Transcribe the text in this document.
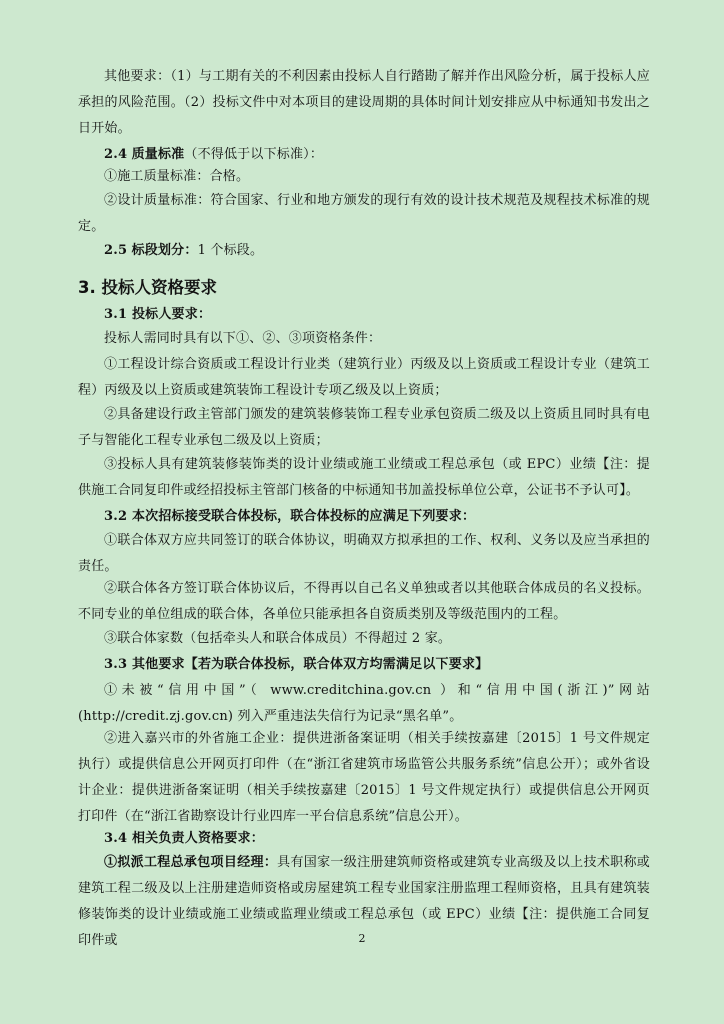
其他要求：（1）与工期有关的不利因素由投标人自行踏勘了解并作出风险分析，属于投标人应承担的风险范围。（2）投标文件中对本项目的建设周期的具体时间计划安排应从中标通知书发出之日开始。

2.4 质量标准（不得低于以下标准）：

①施工质量标准：合格。

②设计质量标准：符合国家、行业和地方颁发的现行有效的设计技术规范及规程技术标准的规定。

2.5 标段划分：1 个标段。

3. 投标人资格要求

3.1 投标人要求：

投标人需同时具有以下①、②、③项资格条件：

①工程设计综合资质或工程设计行业类（建筑行业）丙级及以上资质或工程设计专业（建筑工程）丙级及以上资质或建筑装饰工程设计专项乙级及以上资质；

②具备建设行政主管部门颁发的建筑装修装饰工程专业承包资质二级及以上资质且同时具有电子与智能化工程专业承包二级及以上资质；

③投标人具有建筑装修装饰类的设计业绩或施工业绩或工程总承包（或 EPC）业绩【注：提供施工合同复印件或经招投标主管部门核备的中标通知书加盖投标单位公章，公证书不予认可】。

3.2 本次招标接受联合体投标，联合体投标的应满足下列要求：

①联合体双方应共同签订的联合体协议，明确双方拟承担的工作、权利、义务以及应当承担的责任。

②联合体各方签订联合体协议后，不得再以自己名义单独或者以其他联合体成员的名义投标。不同专业的单位组成的联合体，各单位只能承担各自资质类别及等级范围内的工程。

③联合体家数（包括牵头人和联合体成员）不得超过 2 家。

3.3 其他要求【若为联合体投标，联合体双方均需满足以下要求】

①未被“信用中国”（ www.creditchina.gov.cn ）和“信用中国(浙江)”网站(http://credit.zj.gov.cn) 列入严重违法失信行为记录“黑名单”。

②进入嘉兴市的外省施工企业：提供进浙备案证明（相关手续按嘉建〔2015〕1 号文件规定执行）或提供信息公开网页打印件（在“浙江省建筑市场监管公共服务系统”信息公开）；或外省设计企业：提供进浙备案证明（相关手续按嘉建〔2015〕1 号文件规定执行）或提供信息公开网页打印件（在“浙江省勘察设计行业四库一平台信息系统”信息公开）。

3.4 相关负责人资格要求：

①拟派工程总承包项目经理：具有国家一级注册建筑师资格或建筑专业高级及以上技术职称或建筑工程二级及以上注册建造师资格或房屋建筑工程专业国家注册监理工程师资格，且具有建筑装修装饰类的设计业绩或施工业绩或监理业绩或工程总承包（或 EPC）业绩【注：提供施工合同复印件或	2
